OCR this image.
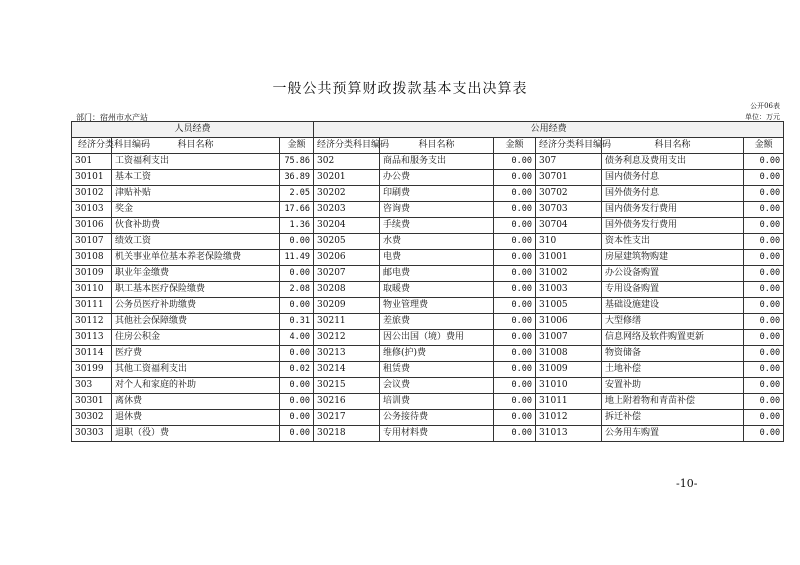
一般公共预算财政拨款基本支出决算表
部门：宿州市水产站
公开06表
单位：万元
人员经费			公用经费					
经济分类科目编码	科目名称	金额	经济分类科目编码	科目名称	金额	经济分类科目编码	科目名称	金额
301	工资福利支出	75.86	302	商品和服务支出	0.00	307	债务利息及费用支出	0.00
30101	基本工资	36.89	30201	办公费	0.00	30701	国内债务付息	0.00
30102	津贴补贴	2.05	30202	印刷费	0.00	30702	国外债务付息	0.00
30103	奖金	17.66	30203	咨询费	0.00	30703	国内债务发行费用	0.00
30106	伙食补助费	1.36	30204	手续费	0.00	30704	国外债务发行费用	0.00
30107	绩效工资	0.00	30205	水费	0.00	310	资本性支出	0.00
30108	机关事业单位基本养老保险缴费	11.49	30206	电费	0.00	31001	房屋建筑物购建	0.00
30109	职业年金缴费	0.00	30207	邮电费	0.00	31002	办公设备购置	0.00
30110	职工基本医疗保险缴费	2.08	30208	取暖费	0.00	31003	专用设备购置	0.00
30111	公务员医疗补助缴费	0.00	30209	物业管理费	0.00	31005	基础设施建设	0.00
30112	其他社会保障缴费	0.31	30211	差旅费	0.00	31006	大型修缮	0.00
30113	住房公积金	4.00	30212	因公出国（境）费用	0.00	31007	信息网络及软件购置更新	0.00
30114	医疗费	0.00	30213	维修(护)费	0.00	31008	物资储备	0.00
30199	其他工资福利支出	0.02	30214	租赁费	0.00	31009	土地补偿	0.00
303	对个人和家庭的补助	0.00	30215	会议费	0.00	31010	安置补助	0.00
30301	离休费	0.00	30216	培训费	0.00	31011	地上附着物和青苗补偿	0.00
30302	退休费	0.00	30217	公务接待费	0.00	31012	拆迁补偿	0.00
30303	退职（役）费	0.00	30218	专用材料费	0.00	31013	公务用车购置	0.00
-10-
